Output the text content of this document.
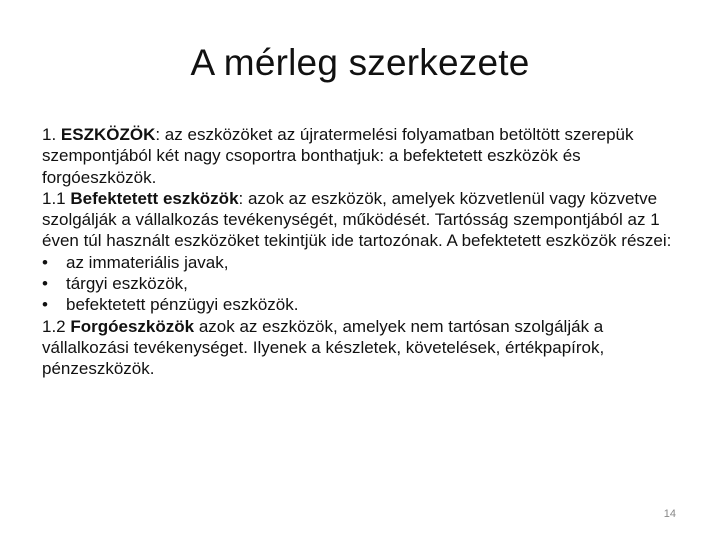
A mérleg szerkezete

1. ESZKÖZÖK: az eszközöket az újratermelési folyamatban betöltött szerepük szempontjából két nagy csoportra bonthatjuk: a befektetett eszközök és forgóeszközök.

1.1 Befektetett eszközök: azok az eszközök, amelyek közvetlenül vagy közvetve szolgálják a vállalkozás tevékenységét, működését. Tartósság szempontjából az 1 éven túl használt eszközöket tekintjük ide tartozónak. A befektetett eszközök részei:

• az immateriális javak,
• tárgyi eszközök,
• befektetett pénzügyi eszközök.

1.2 Forgóeszközök azok az eszközök, amelyek nem tartósan szolgálják a vállalkozási tevékenységet. Ilyenek a készletek, követelések, értékpapírok, pénzeszközök.

14
